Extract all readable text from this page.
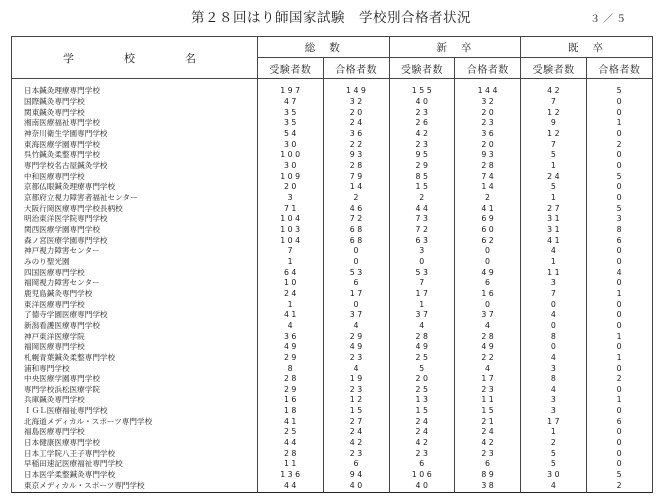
第２８回はり師国家試験　学校別合格者状況	３／５
学校名	総数		新卒		既卒	
	受験者数	合格者数	受験者数	合格者数	受験者数	合格者数
日本鍼灸理療専門学校	197	149	155	144	42	5
国際鍼灸専門学校	47	32	40	32	7	0
関東鍼灸専門学校	35	20	23	20	12	0
湘南医療福祉専門学校	35	24	26	23	9	1
神奈川衛生学園専門学校	54	36	42	36	12	0
東海医療学園専門学校	30	22	23	20	7	2
呉竹鍼灸柔整専門学校	100	93	95	93	5	0
専門学校名古屋鍼灸学校	30	28	29	28	1	0
中和医療専門学校	109	79	85	74	24	5
京都仏眼鍼灸理療専門学校	20	14	15	14	5	0
京都府立視力障害者福祉センター	3	2	2	2	1	0
大阪行岡医療専門学校長柄校	71	46	44	41	27	5
明治東洋医学院専門学校	104	72	73	69	31	3
関西医療学園専門学校	103	68	72	60	31	8
森ノ宮医療学園専門学校	104	68	63	62	41	6
神戸視力障害センター	7	0	3	0	4	0
みのり聖光園	1	0	0	0	1	0
四国医療専門学校	64	53	53	49	11	4
福岡視力障害センター	10	6	7	6	3	0
鹿児島鍼灸専門学校	24	17	17	16	7	1
東洋医療専門学校	1	0	1	0	0	0
了德寺学園医療専門学校	41	37	37	37	4	0
新潟看護医療専門学校	4	4	4	4	0	0
神戸東洋医療学院	36	29	28	28	8	1
福岡医療専門学校	49	49	49	49	0	0
札幌青葉鍼灸柔整専門学校	29	23	25	22	4	1
浦和専門学校	8	4	5	4	3	0
中央医療学園専門学校	28	19	20	17	8	2
専門学校浜松医療学院	29	23	25	23	4	0
兵庫鍼灸専門学校	16	12	13	11	3	1
ＩＧＬ医療福祉専門学校	18	15	15	15	3	0
北海道メディカル・スポーツ専門学校	41	27	24	21	17	6
福島医療専門学校	25	24	24	24	1	0
日本健康医療専門学校	44	42	42	42	2	0
日本工学院八王子専門学校	28	23	23	23	5	0
早稲田速記医療福祉専門学校	11	6	6	6	5	0
日本医学柔整鍼灸専門学校	136	94	106	89	30	5
東京メディカル・スポーツ専門学校	44	40	40	38	4	2
